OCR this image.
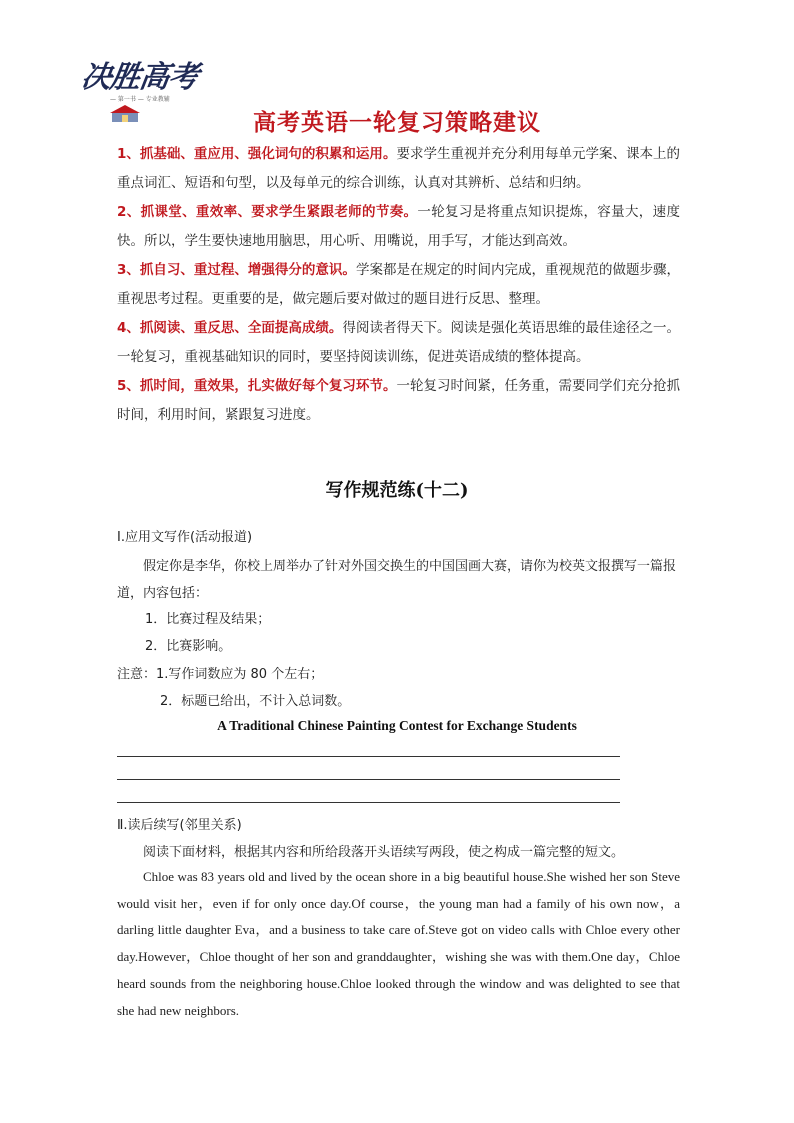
决胜高考
— 第一书 — 专业教辅
高考英语一轮复习策略建议

1、抓基础、重应用、强化词句的积累和运用。要求学生重视并充分利用每单元学案、课本上的重点词汇、短语和句型，以及每单元的综合训练，认真对其辨析、总结和归纳。

2、抓课堂、重效率、要求学生紧跟老师的节奏。一轮复习是将重点知识提炼，容量大，速度快。所以，学生要快速地用脑思，用心听、用嘴说，用手写，才能达到高效。

3、抓自习、重过程、增强得分的意识。学案都是在规定的时间内完成，重视规范的做题步骤，重视思考过程。更重要的是，做完题后要对做过的题目进行反思、整理。

4、抓阅读、重反思、全面提高成绩。得阅读者得天下。阅读是强化英语思维的最佳途径之一。一轮复习，重视基础知识的同时，要坚持阅读训练，促进英语成绩的整体提高。

5、抓时间，重效果，扎实做好每个复习环节。一轮复习时间紧，任务重，需要同学们充分抢抓时间，利用时间，紧跟复习进度。

写作规范练(十二)

Ⅰ.应用文写作(活动报道)

假定你是李华，你校上周举办了针对外国交换生的中国国画大赛，请你为校英文报撰写一篇报道，内容包括：

1．比赛过程及结果；

2．比赛影响。

注意：1.写作词数应为 80 个左右；

2．标题已给出，不计入总词数。

A Traditional Chinese Painting Contest for Exchange Students

Ⅱ.读后续写(邻里关系)

阅读下面材料，根据其内容和所给段落开头语续写两段，使之构成一篇完整的短文。

Chloe was 83 years old and lived by the ocean shore in a big beautiful house.She wished her son Steve would visit her，even if for only once day.Of course，the young man had a family of his own now，a darling little daughter Eva，and a business to take care of.Steve got on video calls with Chloe every other day.However，Chloe thought of her son and granddaughter，wishing she was with them.One day，Chloe heard sounds from the neighboring house.Chloe looked through the window and was delighted to see that she had new neighbors.
